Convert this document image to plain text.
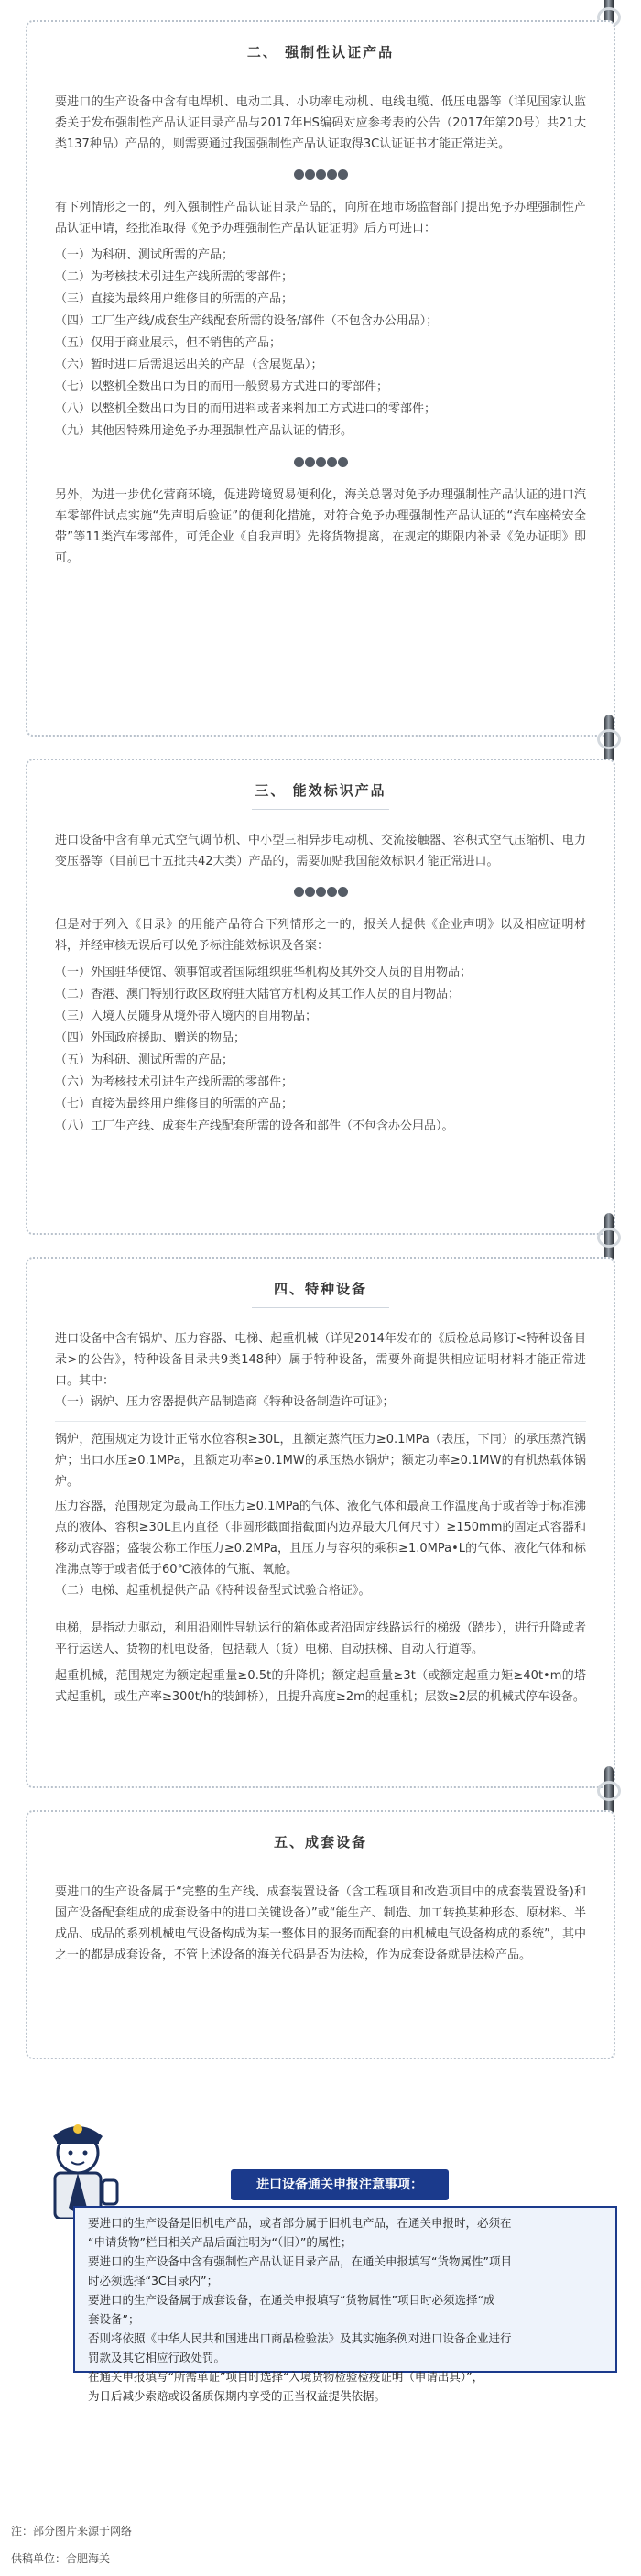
二、 强制性认证产品
要进口的生产设备中含有电焊机、电动工具、小功率电动机、电线电缆、低压电器等（详见国家认监委关于发布强制性产品认证目录产品与2017年HS编码对应参考表的公告（2017年第20号）共21大类137种品）产品的，则需要通过我国强制性产品认证取得3C认证证书才能正常进关。
有下列情形之一的，列入强制性产品认证目录产品的，向所在地市场监督部门提出免予办理强制性产品认证申请，经批准取得《免予办理强制性产品认证证明》后方可进口：
（一）为科研、测试所需的产品；
（二）为考核技术引进生产线所需的零部件；
（三）直接为最终用户维修目的所需的产品；
（四）工厂生产线/成套生产线配套所需的设备/部件（不包含办公用品）；
（五）仅用于商业展示，但不销售的产品；
（六）暂时进口后需退运出关的产品（含展览品）；
（七）以整机全数出口为目的而用一般贸易方式进口的零部件；
（八）以整机全数出口为目的而用进料或者来料加工方式进口的零部件；
（九）其他因特殊用途免予办理强制性产品认证的情形。
另外，为进一步优化营商环境，促进跨境贸易便利化，海关总署对免予办理强制性产品认证的进口汽车零部件试点实施“先声明后验证”的便利化措施，对符合免予办理强制性产品认证的“汽车座椅安全带”等11类汽车零部件，可凭企业《自我声明》先将货物提离，在规定的期限内补录《免办证明》即可。
三、 能效标识产品
进口设备中含有单元式空气调节机、中小型三相异步电动机、交流接触器、容积式空气压缩机、电力变压器等（目前已十五批共42大类）产品的，需要加贴我国能效标识才能正常进口。
但是对于列入《目录》的用能产品符合下列情形之一的，报关人提供《企业声明》以及相应证明材料，并经审核无误后可以免予标注能效标识及备案：
（一）外国驻华使馆、领事馆或者国际组织驻华机构及其外交人员的自用物品；
（二）香港、澳门特别行政区政府驻大陆官方机构及其工作人员的自用物品；
（三）入境人员随身从境外带入境内的自用物品；
（四）外国政府援助、赠送的物品；
（五）为科研、测试所需的产品；
（六）为考核技术引进生产线所需的零部件；
（七）直接为最终用户维修目的所需的产品；
（八）工厂生产线、成套生产线配套所需的设备和部件（不包含办公用品）。
四、特种设备
进口设备中含有锅炉、压力容器、电梯、起重机械（详见2014年发布的《质检总局修订<特种设备目录>的公告》，特种设备目录共9类148种）属于特种设备，需要外商提供相应证明材料才能正常进口。其中：
（一）锅炉、压力容器提供产品制造商《特种设备制造许可证》；
锅炉，范围规定为设计正常水位容积≥30L，且额定蒸汽压力≥0.1MPa（表压，下同）的承压蒸汽锅炉；出口水压≥0.1MPa，且额定功率≥0.1MW的承压热水锅炉；额定功率≥0.1MW的有机热载体锅炉。
压力容器，范围规定为最高工作压力≥0.1MPa的气体、液化气体和最高工作温度高于或者等于标准沸点的液体、容积≥30L且内直径（非圆形截面指截面内边界最大几何尺寸）≥150mm的固定式容器和移动式容器；盛装公称工作压力≥0.2MPa，且压力与容积的乘积≥1.0MPa•L的气体、液化气体和标准沸点等于或者低于60℃液体的气瓶、氧舱。
（二）电梯、起重机提供产品《特种设备型式试验合格证》。
电梯，是指动力驱动，利用沿刚性导轨运行的箱体或者沿固定线路运行的梯级（踏步），进行升降或者平行运送人、货物的机电设备，包括载人（货）电梯、自动扶梯、自动人行道等。
起重机械，范围规定为额定起重量≥0.5t的升降机；额定起重量≥3t（或额定起重力矩≥40t•m的塔式起重机，或生产率≥300t/h的装卸桥），且提升高度≥2m的起重机；层数≥2层的机械式停车设备。
五、成套设备
要进口的生产设备属于“完整的生产线、成套装置设备（含工程项目和改造项目中的成套装置设备)和国产设备配套组成的成套设备中的进口关键设备）”或“能生产、制造、加工转换某种形态、原材料、半成品、成品的系列机械电气设备构成为某一整体目的服务而配套的由机械电气设备构成的系统”，其中之一的都是成套设备，不管上述设备的海关代码是否为法检，作为成套设备就是法检产品。
进口设备通关申报注意事项：
要进口的生产设备是旧机电产品，或者部分属于旧机电产品，在通关申报时，必须在
“申请货物”栏目相关产品后面注明为“（旧）”的属性；
要进口的生产设备中含有强制性产品认证目录产品，在通关申报填写“货物属性”项目
时必须选择“3C目录内”；
要进口的生产设备属于成套设备，在通关申报填写“货物属性”项目时必须选择“成
套设备”；
否则将依照《中华人民共和国进出口商品检验法》及其实施条例对进口设备企业进行
罚款及其它相应行政处罚。
在通关申报填写“所需单证”项目时选择“入境货物检验检疫证明（申请出具）”，
为日后减少索赔或设备质保期内享受的正当权益提供依据。
注：部分图片来源于网络
供稿单位：合肥海关
